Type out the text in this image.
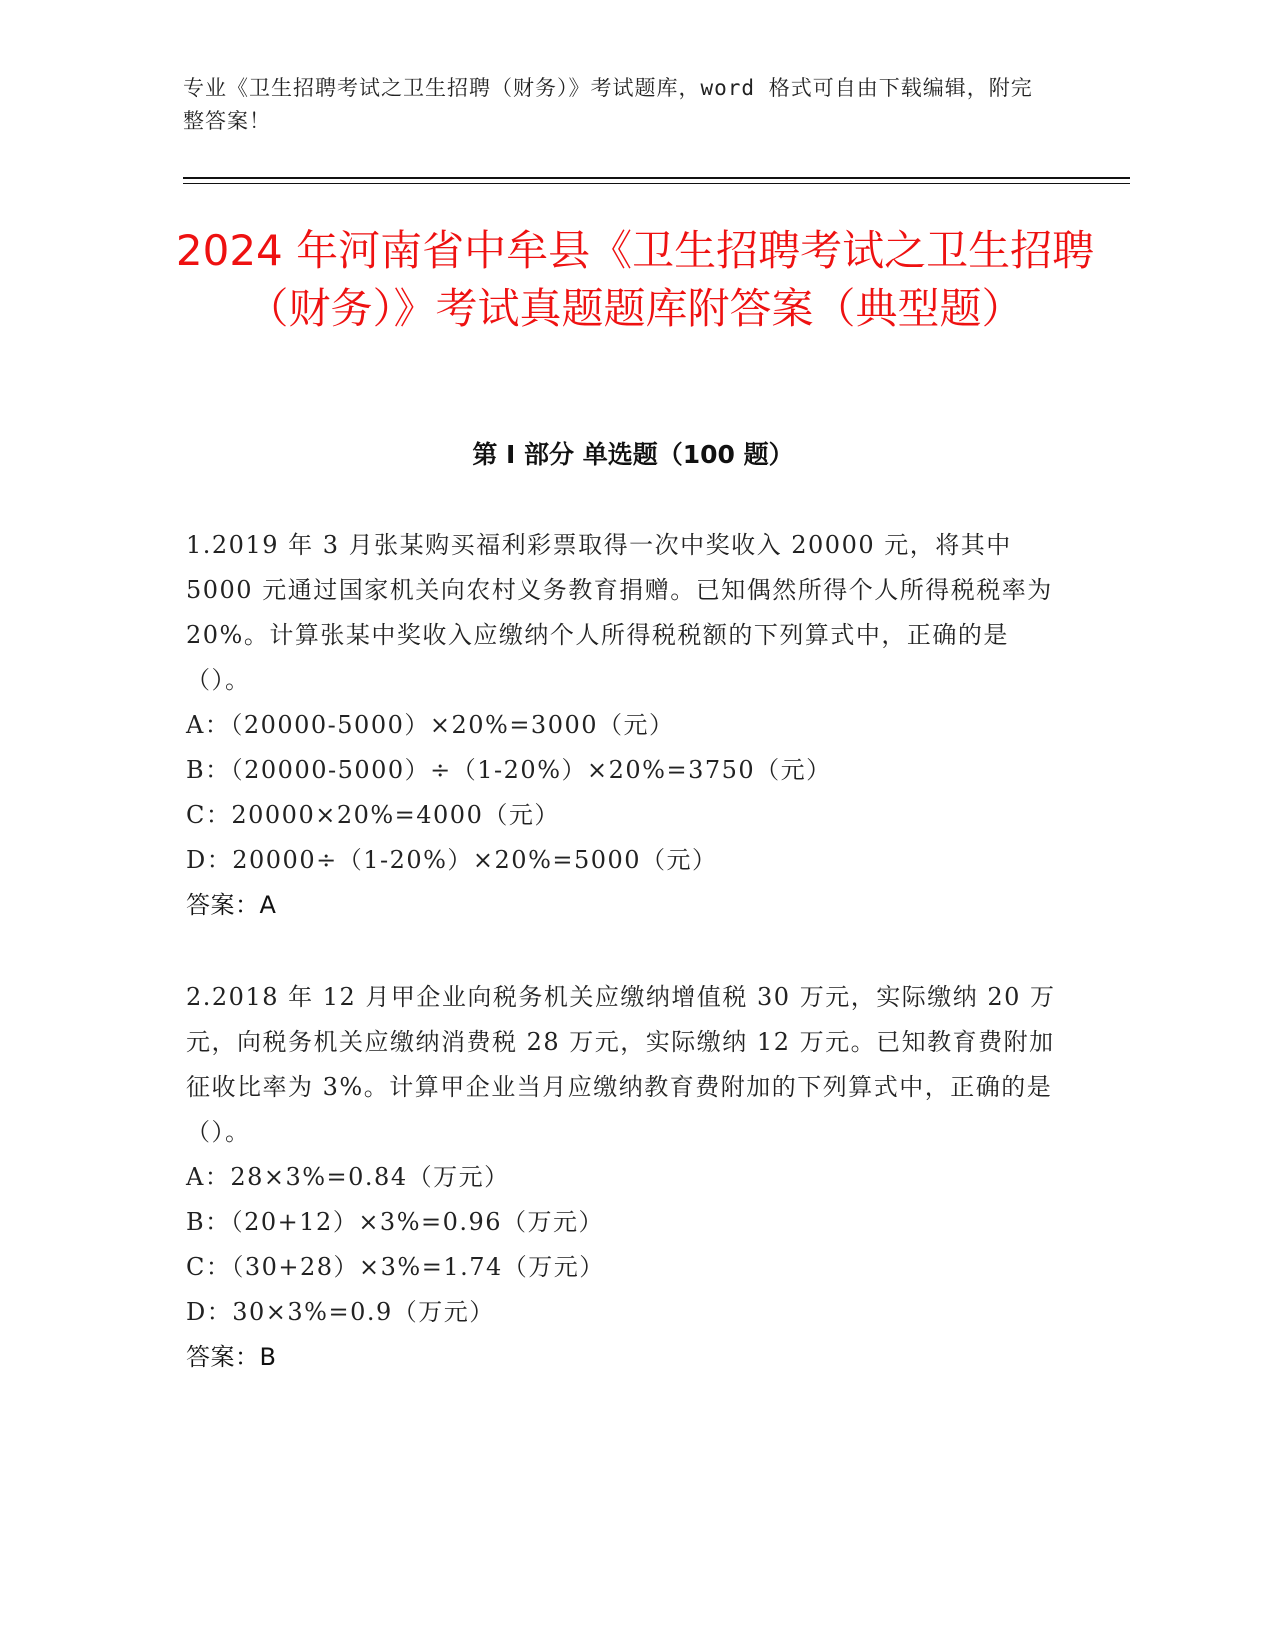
专业《卫生招聘考试之卫生招聘（财务）》考试题库，word 格式可自由下载编辑，附完整答案！
2024 年河南省中牟县《卫生招聘考试之卫生招聘（财务）》考试真题题库附答案（典型题）
第 I 部分 单选题（100 题）
1.2019 年 3 月张某购买福利彩票取得一次中奖收入 20000 元，将其中 5000 元通过国家机关向农村义务教育捐赠。已知偶然所得个人所得税税率为 20%。计算张某中奖收入应缴纳个人所得税税额的下列算式中，正确的是（）。
A：（20000-5000）×20%=3000（元）
B：（20000-5000）÷（1-20%）×20%=3750（元）
C：20000×20%=4000（元）
D：20000÷（1-20%）×20%=5000（元）
答案：A
2.2018 年 12 月甲企业向税务机关应缴纳增值税 30 万元，实际缴纳 20 万元，向税务机关应缴纳消费税 28 万元，实际缴纳 12 万元。已知教育费附加征收比率为 3%。计算甲企业当月应缴纳教育费附加的下列算式中，正确的是（）。
A：28×3%=0.84（万元）
B：（20+12）×3%=0.96（万元）
C：（30+28）×3%=1.74（万元）
D：30×3%=0.9（万元）
答案：B
